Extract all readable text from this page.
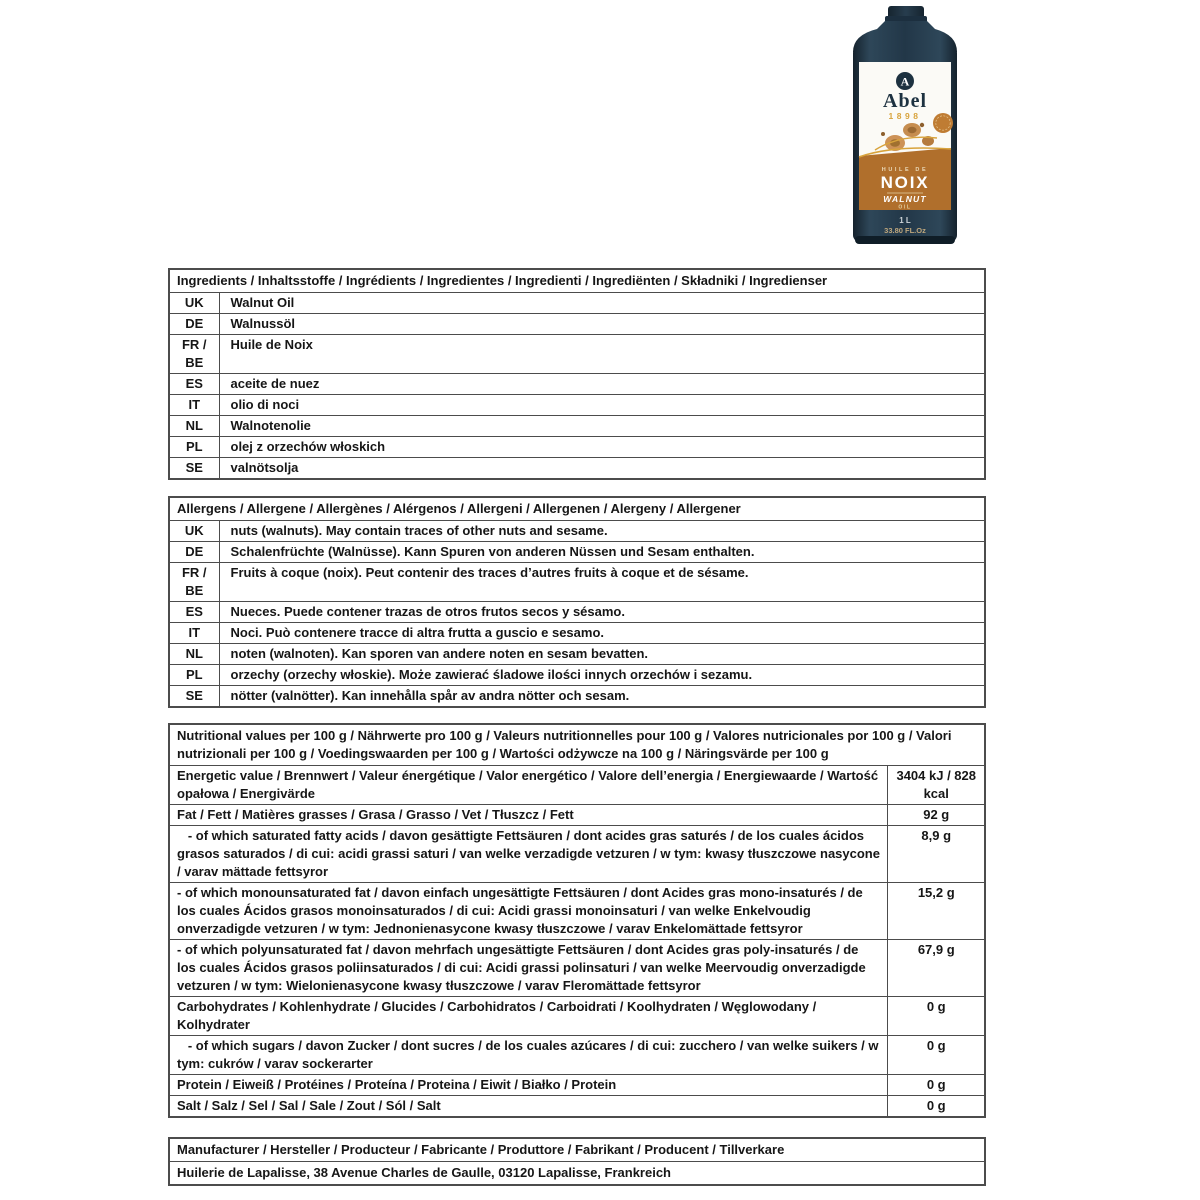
A
Abel
1898
HUILE DE
NOIX
WALNUT
OIL
1 L
33.80 FL.Oz
Ingredients / Inhaltsstoffe / Ingrédients / Ingredientes / Ingredienti / Ingrediënten / Składniki / Ingredienser	
UK	Walnut Oil
DE	Walnussöl
FR / BE	Huile de Noix
ES	aceite de nuez
IT	olio di noci
NL	Walnotenolie
PL	olej z orzechów włoskich
SE	valnötsolja
Allergens / Allergene / Allergènes / Alérgenos / Allergeni / Allergenen / Alergeny / Allergener	
UK	nuts (walnuts). May contain traces of other nuts and sesame.
DE	Schalenfrüchte (Walnüsse). Kann Spuren von anderen Nüssen und Sesam enthalten.
FR / BE	Fruits à coque (noix). Peut contenir des traces d’autres fruits à coque et de sésame.
ES	Nueces. Puede contener trazas de otros frutos secos y sésamo.
IT	Noci. Può contenere tracce di altra frutta a guscio e sesamo.
NL	noten (walnoten). Kan sporen van andere noten en sesam bevatten.
PL	orzechy (orzechy włoskie). Może zawierać śladowe ilości innych orzechów i sezamu.
SE	nötter (valnötter). Kan innehålla spår av andra nötter och sesam.
Nutritional values per 100 g / Nährwerte pro 100 g / Valeurs nutritionnelles pour 100 g / Valores nutricionales por 100 g / Valori nutrizionali per 100 g / Voedingswaarden per 100 g / Wartości odżywcze na 100 g / Näringsvärde per 100 g	
Energetic value / Brennwert / Valeur énergétique / Valor energético / Valore dell’energia / Energiewaarde / Wartość opałowa / Energivärde	3404 kJ / 828 kcal
Fat / Fett / Matières grasses / Grasa / Grasso / Vet / Tłuszcz / Fett	92 g
- of which saturated fatty acids / davon gesättigte Fettsäuren / dont acides gras saturés / de los cuales ácidos grasos saturados / di cui: acidi grassi saturi / van welke verzadigde vetzuren / w tym: kwasy tłuszczowe nasycone / varav mättade fettsyror	8,9 g
- of which monounsaturated fat / davon einfach ungesättigte Fettsäuren / dont Acides gras mono-insaturés / de los cuales Ácidos grasos monoinsaturados / di cui: Acidi grassi monoinsaturi / van welke Enkelvoudig onverzadigde vetzuren / w tym: Jednonienasycone kwasy tłuszczowe / varav Enkelomättade fettsyror	15,2 g
- of which polyunsaturated fat / davon mehrfach ungesättigte Fettsäuren / dont Acides gras poly-insaturés / de los cuales Ácidos grasos poliinsaturados / di cui: Acidi grassi polinsaturi / van welke Meervoudig onverzadigde vetzuren / w tym: Wielonienasycone kwasy tłuszczowe / varav Fleromättade fettsyror	67,9 g
Carbohydrates / Kohlenhydrate / Glucides / Carbohidratos / Carboidrati / Koolhydraten / Węglowodany / Kolhydrater	0 g
- of which sugars / davon Zucker / dont sucres / de los cuales azúcares / di cui: zucchero / van welke suikers / w tym: cukrów / varav sockerarter	0 g
Protein / Eiweiß / Protéines / Proteína / Proteina / Eiwit / Białko / Protein	0 g
Salt / Salz / Sel / Sal / Sale / Zout / Sól / Salt	0 g
Manufacturer / Hersteller / Producteur / Fabricante / Produttore / Fabrikant / Producent / Tillverkare
Huilerie de Lapalisse, 38 Avenue Charles de Gaulle, 03120 Lapalisse, Frankreich
